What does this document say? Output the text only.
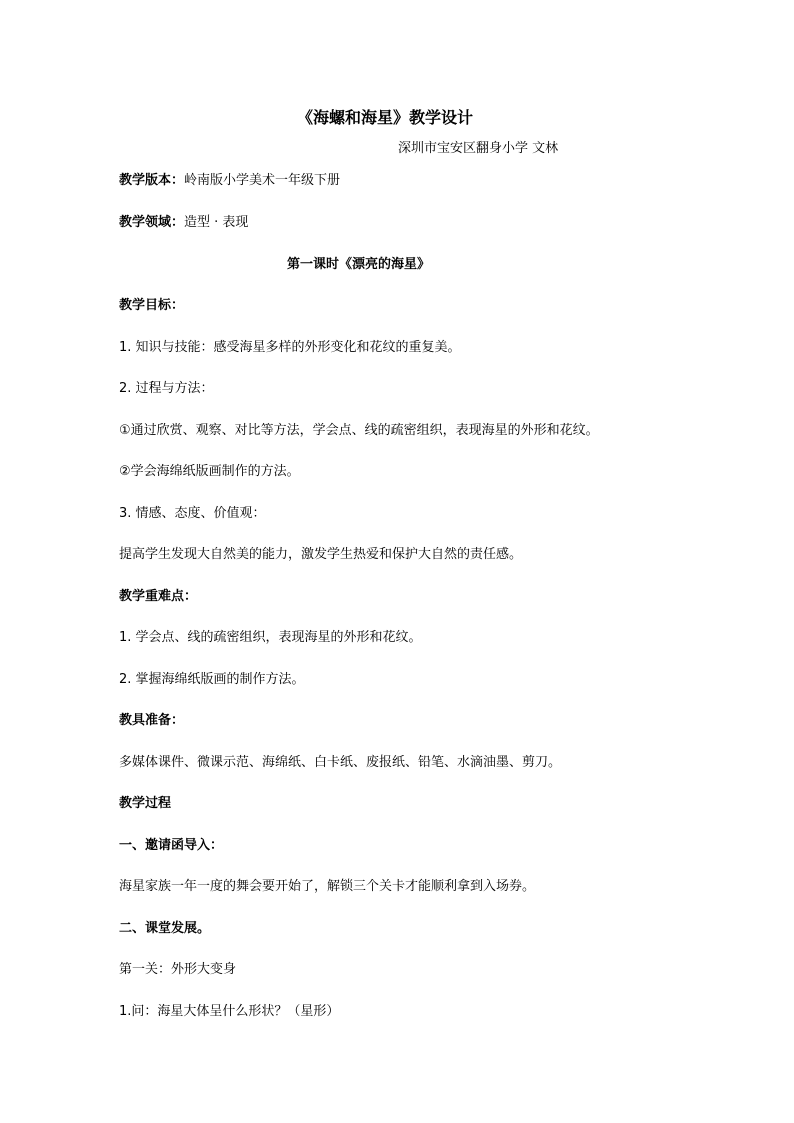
《海螺和海星》教学设计
深圳市宝安区翻身小学 文林
教学版本：岭南版小学美术一年级下册
教学领域：造型 · 表现
第一课时《漂亮的海星》
教学目标：
1. 知识与技能：感受海星多样的外形变化和花纹的重复美。
2. 过程与方法：
①通过欣赏、观察、对比等方法，学会点、线的疏密组织，表现海星的外形和花纹。
②学会海绵纸版画制作的方法。
3. 情感、态度、价值观：
提高学生发现大自然美的能力，激发学生热爱和保护大自然的责任感。
教学重难点：
1. 学会点、线的疏密组织，表现海星的外形和花纹。
2. 掌握海绵纸版画的制作方法。
教具准备：
多媒体课件、微课示范、海绵纸、白卡纸、废报纸、铅笔、水滴油墨、剪刀。
教学过程
一、邀请函导入：
海星家族一年一度的舞会要开始了，解锁三个关卡才能顺利拿到入场券。
二、课堂发展。
第一关：外形大变身
1.问：海星大体呈什么形状？（星形）
